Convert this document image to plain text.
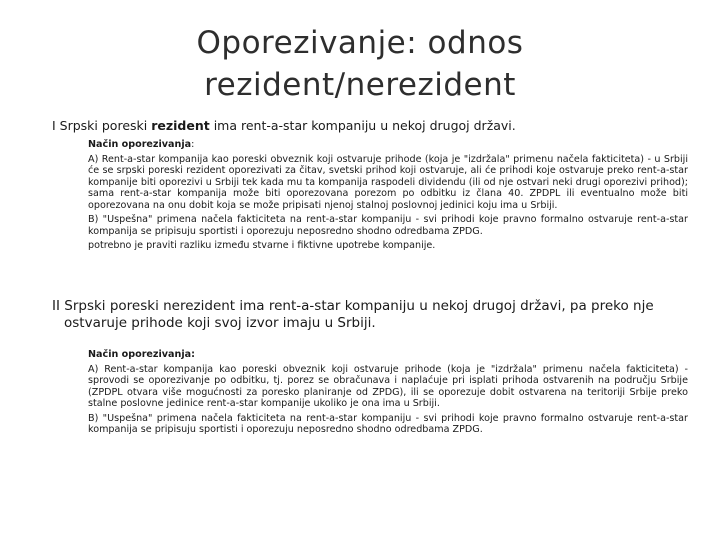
Oporezivanje: odnos rezident/nerezident
I Srpski poreski rezident ima rent-a-star kompaniju u nekoj drugoj državi.
Način oporezivanja:
A) Rent-a-star kompanija kao poreski obveznik koji ostvaruje prihode (koja je "izdržala" primenu načela fakticiteta) - u Srbiji će se srpski poreski rezident oporezivati za čitav, svetski prihod koji ostvaruje, ali će prihodi koje ostvaruje preko rent-a-star kompanije biti oporezivi u Srbiji tek kada mu ta kompanija raspodeli dividendu (ili od nje ostvari neki drugi oporezivi prihod); sama rent-a-star kompanija može biti oporezovana porezom po odbitku iz člana 40. ZPDPL ili eventualno može biti oporezovana na onu dobit koja se može pripisati njenoj stalnoj poslovnoj jedinici koju ima u Srbiji.
B) "Uspešna" primena načela fakticiteta na rent-a-star kompaniju - svi prihodi koje pravno formalno ostvaruje rent-a-star kompanija se pripisuju sportisti i oporezuju neposredno shodno odredbama ZPDG.
potrebno je praviti razliku između stvarne i fiktivne upotrebe kompanije.
II Srpski poreski nerezident ima rent-a-star kompaniju u nekoj drugoj državi, pa preko nje
ostvaruje prihode koji svoj izvor imaju u Srbiji.
Način oporezivanja:
A) Rent-a-star kompanija kao poreski obveznik koji ostvaruje prihode (koja je "izdržala" primenu načela fakticiteta) - sprovodi se oporezivanje po odbitku, tj. porez se obračunava i naplaćuje pri isplati prihoda ostvarenih na području Srbije (ZPDPL otvara više mogućnosti za poresko planiranje od ZPDG), ili se oporezuje dobit ostvarena na teritoriji Srbije preko stalne poslovne jedinice rent-a-star kompanije ukoliko je ona ima u Srbiji.
B) "Uspešna" primena načela fakticiteta na rent-a-star kompaniju - svi prihodi koje pravno formalno ostvaruje rent-a-star kompanija se pripisuju sportisti i oporezuju neposredno shodno odredbama ZPDG.
